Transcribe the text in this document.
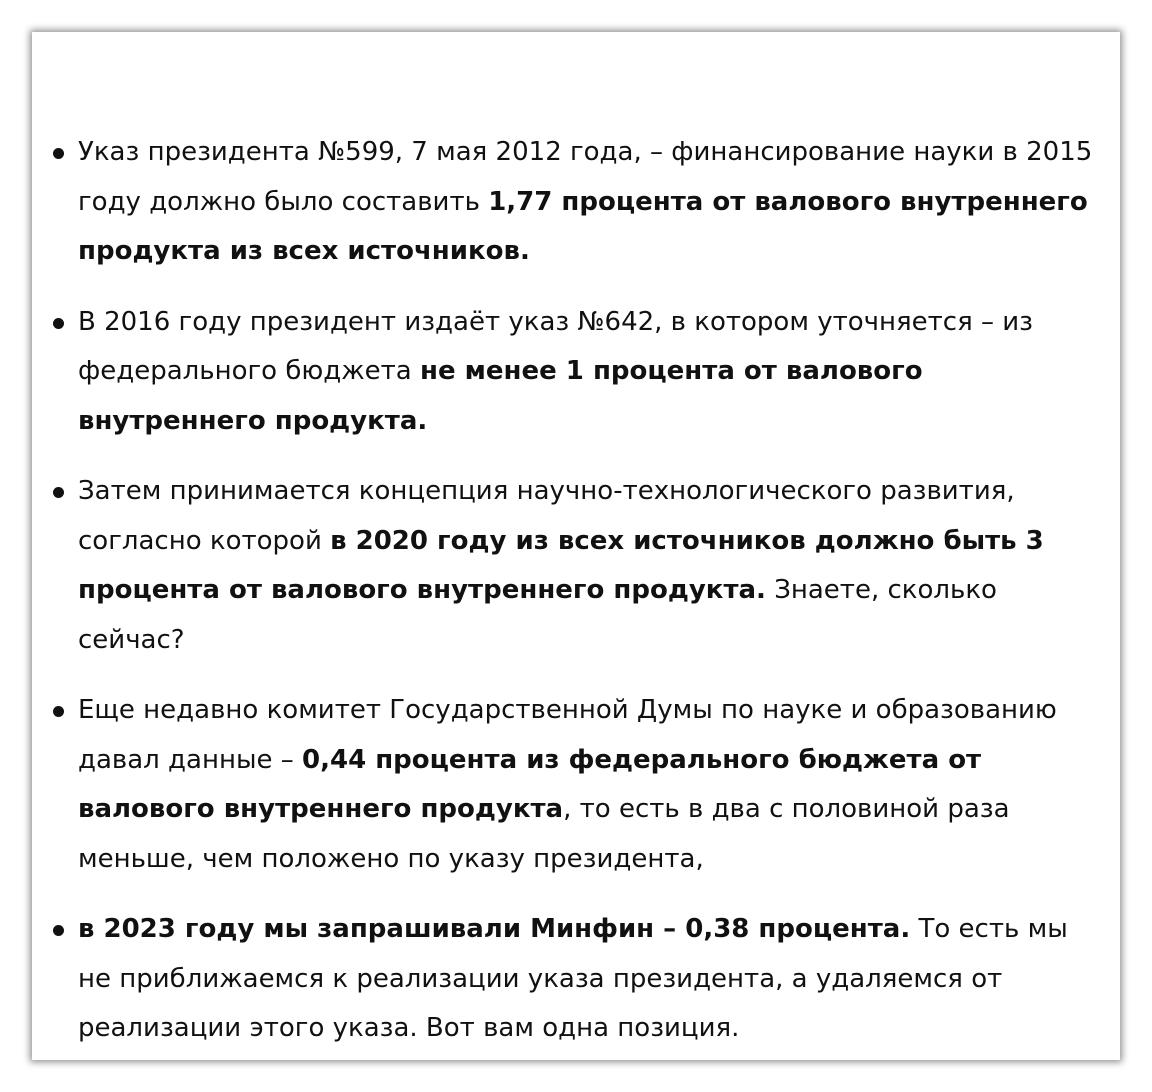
Указ президента №599, 7 мая 2012 года, – финансирование науки в 2015 году должно было составить 1,77 процента от валового внутреннего продукта из всех источников.
В 2016 году президент издаёт указ №642, в котором уточняется – из федерального бюджета не менее 1 процента от валового внутреннего продукта.
Затем принимается концепция научно-технологического развития, согласно которой в 2020 году из всех источников должно быть 3 процента от валового внутреннего продукта. Знаете, сколько сейчас?
Еще недавно комитет Государственной Думы по науке и образованию давал данные – 0,44 процента из федерального бюджета от валового внутреннего продукта, то есть в два с половиной раза меньше, чем положено по указу президента,
в 2023 году мы запрашивали Минфин – 0,38 процента. То есть мы не приближаемся к реализации указа президента, а удаляемся от реализации этого указа. Вот вам одна позиция.
